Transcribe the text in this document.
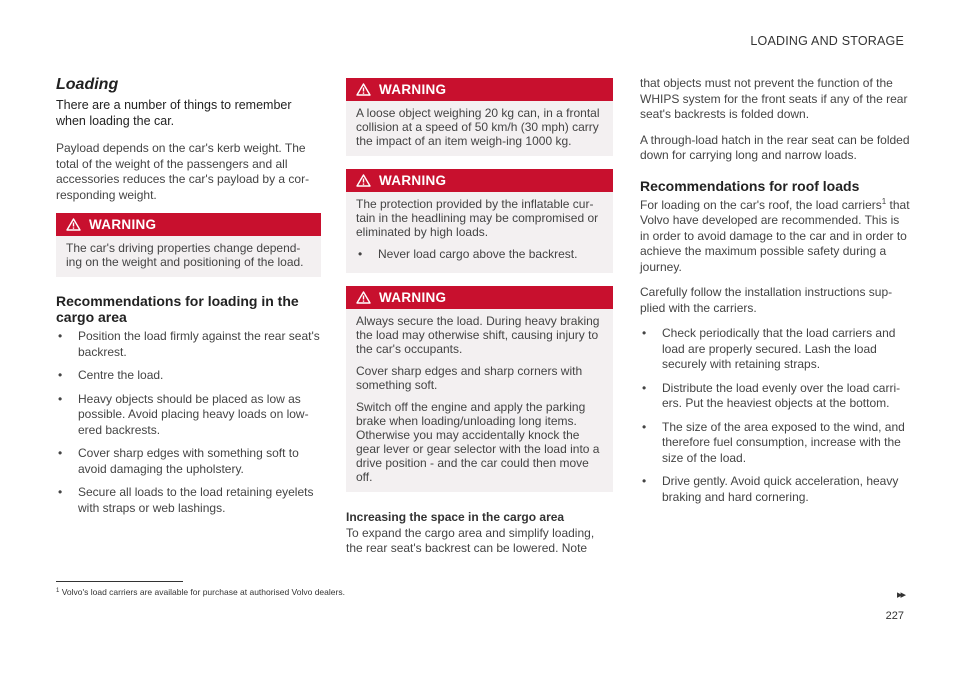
LOADING AND STORAGE
Loading

There are a number of things to remember when loading the car.

Payload depends on the car's kerb weight. The total of the weight of the passengers and all accessories reduces the car's payload by a cor-responding weight.

WARNING

The car's driving properties change depend-ing on the weight and positioning of the load.

Recommendations for loading in the cargo area
• Position the load firmly against the rear seat's backrest.
• Centre the load.
• Heavy objects should be placed as low as possible. Avoid placing heavy loads on low-ered backrests.
• Cover sharp edges with something soft to avoid damaging the upholstery.
• Secure all loads to the load retaining eyelets with straps or web lashings.
WARNING

A loose object weighing 20 kg can, in a frontal collision at a speed of 50 km/h (30 mph) carry the impact of an item weigh-ing 1000 kg.

WARNING

The protection provided by the inflatable cur-tain in the headlining may be compromised or eliminated by high loads.

• Never load cargo above the backrest.
WARNING

Always secure the load. During heavy braking the load may otherwise shift, causing injury to the car's occupants.

Cover sharp edges and sharp corners with something soft.

Switch off the engine and apply the parking brake when loading/unloading long items. Otherwise you may accidentally knock the gear lever or gear selector with the load into a drive position - and the car could then move off.

Increasing the space in the cargo area

To expand the cargo area and simplify loading, the rear seat's backrest can be lowered. Note

that objects must not prevent the function of the WHIPS system for the front seats if any of the rear seat's backrests is folded down.

A through-load hatch in the rear seat can be folded down for carrying long and narrow loads.

Recommendations for roof loads

For loading on the car's roof, the load carriers$^1$ that Volvo have developed are recommended. This is in order to avoid damage to the car and in order to achieve the maximum possible safety during a journey.

Carefully follow the installation instructions sup-plied with the carriers.

• Check periodically that the load carriers and load are properly secured. Lash the load securely with retaining straps.
• Distribute the load evenly over the load carri-ers. Put the heaviest objects at the bottom.
• The size of the area exposed to the wind, and therefore fuel consumption, increase with the size of the load.
• Drive gently. Avoid quick acceleration, heavy braking and hard cornering.
$^1$ Volvo's load carriers are available for purchase at authorised Volvo dealers.	▸▸
227
